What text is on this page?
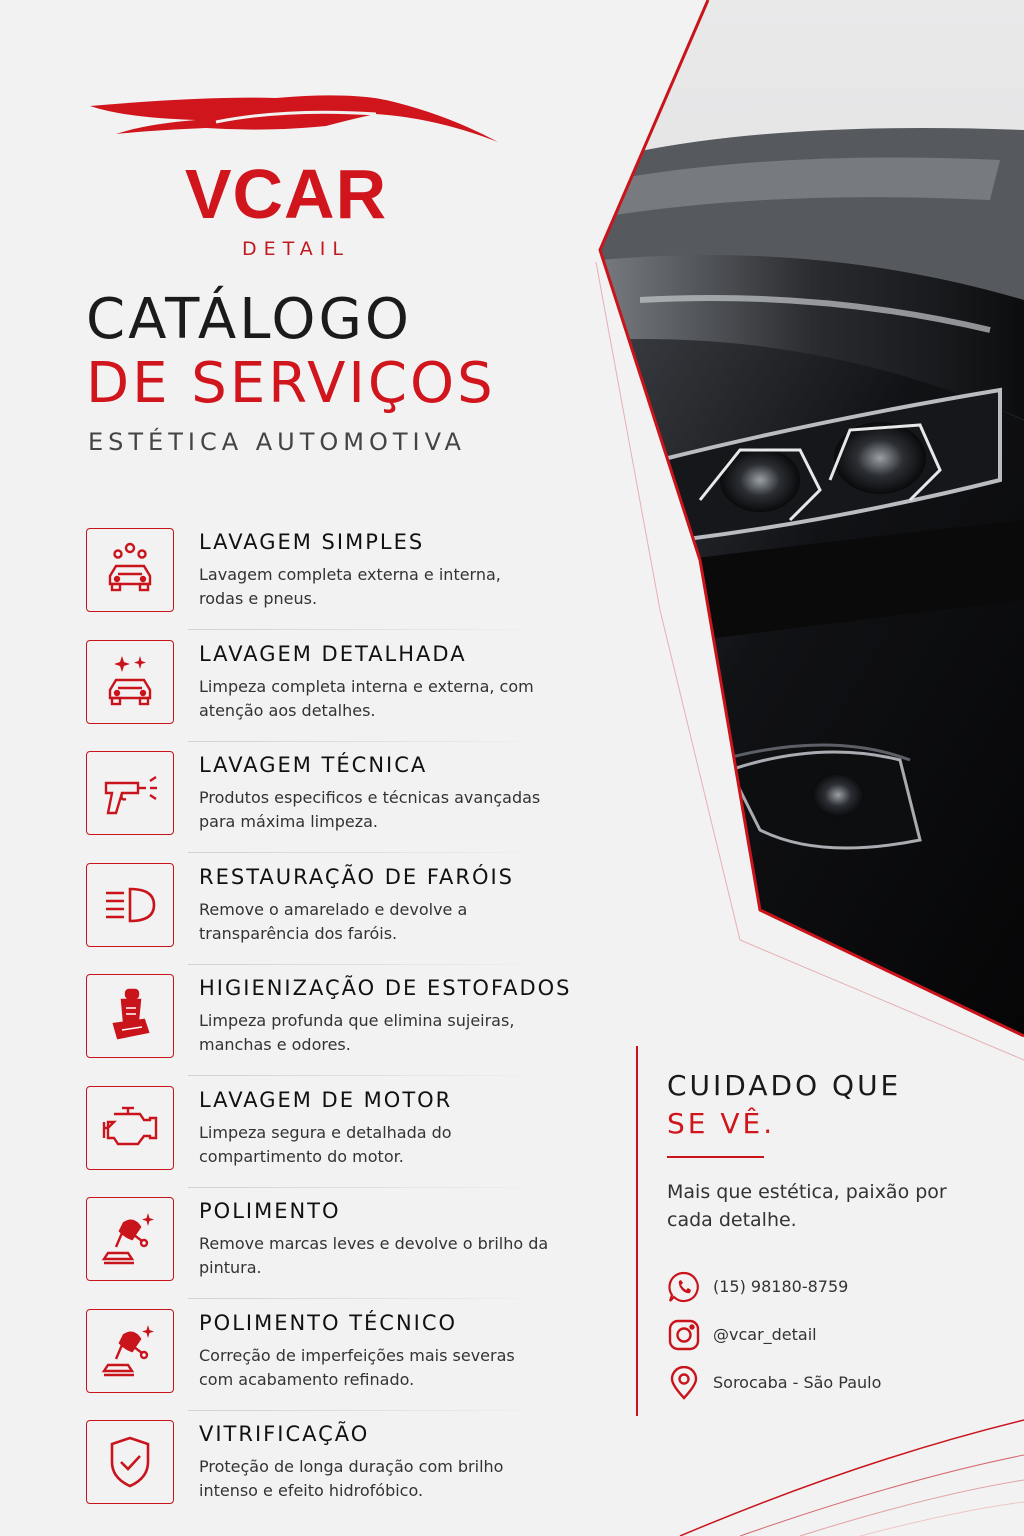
VCAR
DETAIL
CATÁLOGO
DE SERVIÇOS
ESTÉTICA AUTOMOTIVA
LAVAGEM SIMPLES
Lavagem completa externa e interna, rodas e pneus.
LAVAGEM DETALHADA
Limpeza completa interna e externa, com atenção aos detalhes.
LAVAGEM TÉCNICA
Produtos especificos e técnicas avançadas para máxima limpeza.
RESTAURAÇÃO DE FARÓIS
Remove o amarelado e devolve a transparência dos faróis.
HIGIENIZAÇÃO DE ESTOFADOS
Limpeza profunda que elimina sujeiras, manchas e odores.
LAVAGEM DE MOTOR
Limpeza segura e detalhada do compartimento do motor.
POLIMENTO
Remove marcas leves e devolve o brilho da pintura.
POLIMENTO TÉCNICO
Correção de imperfeições mais severas com acabamento refinado.
VITRIFICAÇÃO
Proteção de longa duração com brilho intenso e efeito hidrofóbico.
CUIDADO QUE
SE VÊ.
Mais que estética, paixão por cada detalhe.
(15) 98180-8759
@vcar_detail
Sorocaba - São Paulo
